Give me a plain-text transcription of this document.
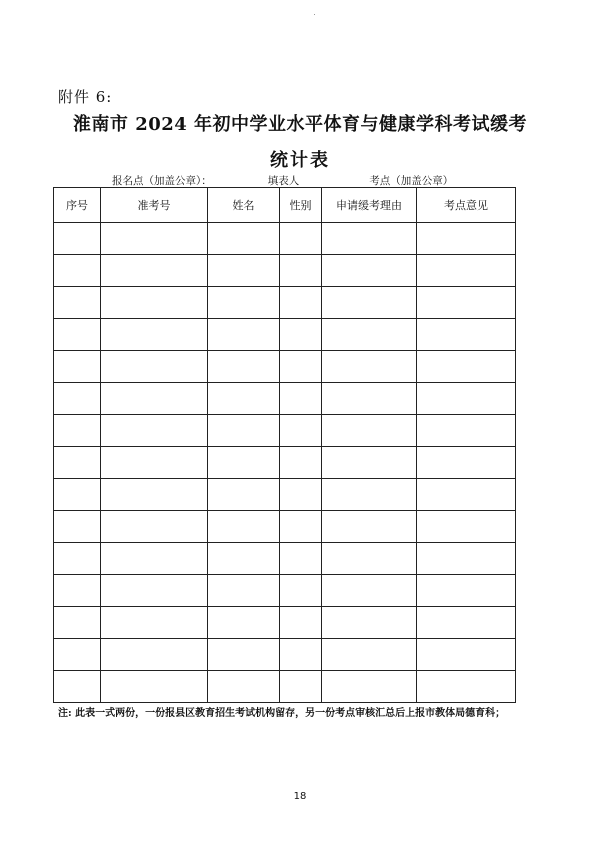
附件 6:
淮南市 2024 年初中学业水平体育与健康学科考试缓考
统计表
报名点（加盖公章）：	填表人	考点（加盖公章）
序号	准考号	姓名	性别	申请缓考理由	考点意见

注: 此表一式两份，一份报县区教育招生考试机构留存，另一份考点审核汇总后上报市教体局德育科；
18
